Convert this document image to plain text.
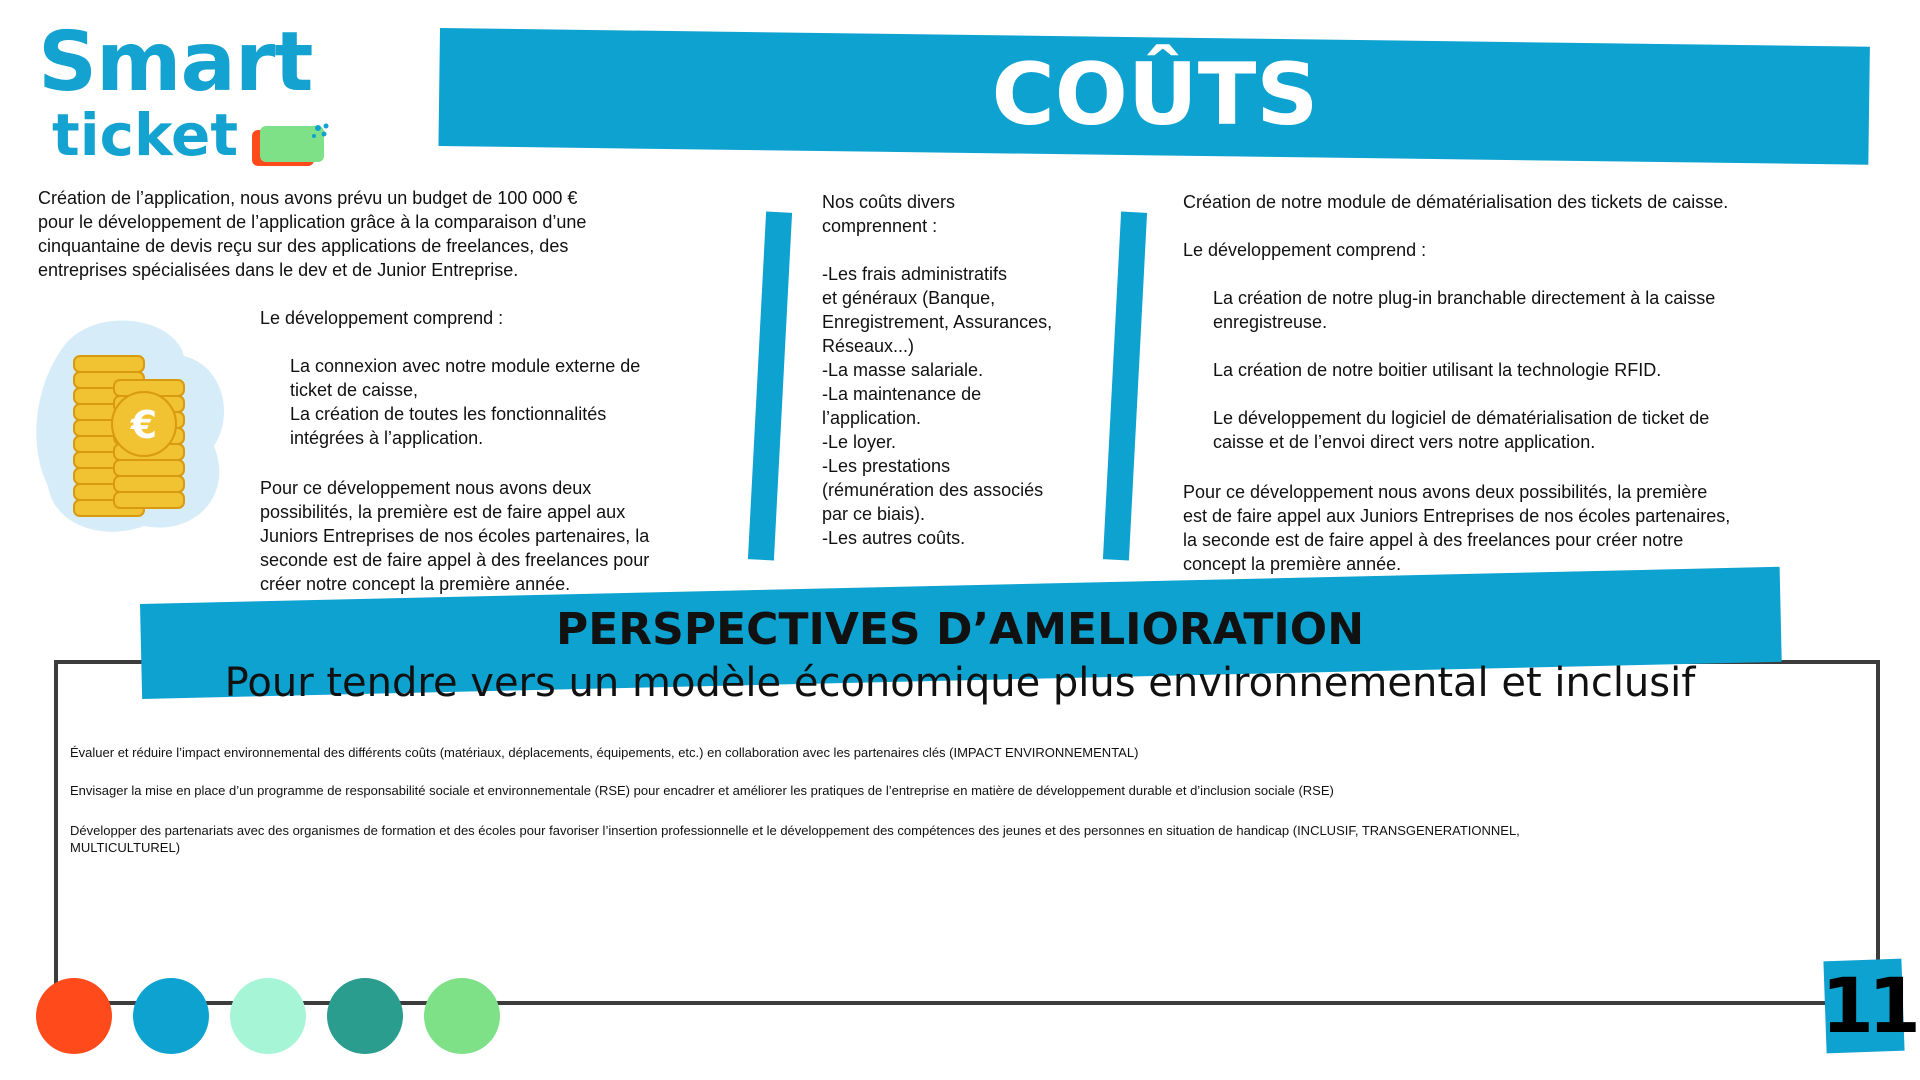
Smart
ticket	COÛTS

Création de l’application, nous avons prévu un budget de 100 000 €
pour le développement de l’application grâce à la comparaison d’une
cinquantaine de devis reçu sur des applications de freelances, des
entreprises spécialisées dans le dev et de Junior Entreprise.

Le développement comprend :

La connexion avec notre module externe de
ticket de caisse,
La création de toutes les fonctionnalités
intégrées à l’application.

Pour ce développement nous avons deux
possibilités, la première est de faire appel aux
Juniors Entreprises de nos écoles partenaires, la
seconde est de faire appel à des freelances pour
créer notre concept la première année.

€

Nos coûts divers
comprennent :

-Les frais administratifs
et généraux (Banque,
Enregistrement, Assurances,
Réseaux...)
-La masse salariale.
-La maintenance de
l’application.
-Le loyer.
-Les prestations
(rémunération des associés
par ce biais).
-Les autres coûts.

Création de notre module de dématérialisation des tickets de caisse.

Le développement comprend :

La création de notre plug-in branchable directement à la caisse
enregistreuse.

La création de notre boitier utilisant la technologie RFID.

Le développement du logiciel de dématérialisation de ticket de
caisse et de l’envoi direct vers notre application.

Pour ce développement nous avons deux possibilités, la première
est de faire appel aux Juniors Entreprises de nos écoles partenaires,
la seconde est de faire appel à des freelances pour créer notre
concept la première année.

PERSPECTIVES D’AMELIORATION
Pour tendre vers un modèle économique plus environnemental et inclusif

Évaluer et réduire l’impact environnemental des différents coûts (matériaux, déplacements, équipements, etc.) en collaboration avec les partenaires clés (IMPACT ENVIRONNEMENTAL)

Envisager la mise en place d’un programme de responsabilité sociale et environnementale (RSE) pour encadrer et améliorer les pratiques de l’entreprise en matière de développement durable et d’inclusion sociale (RSE)

Développer des partenariats avec des organismes de formation et des écoles pour favoriser l’insertion professionnelle et le développement des compétences des jeunes et des personnes en situation de handicap (INCLUSIF, TRANSGENERATIONNEL, MULTICULTUREL)

11
